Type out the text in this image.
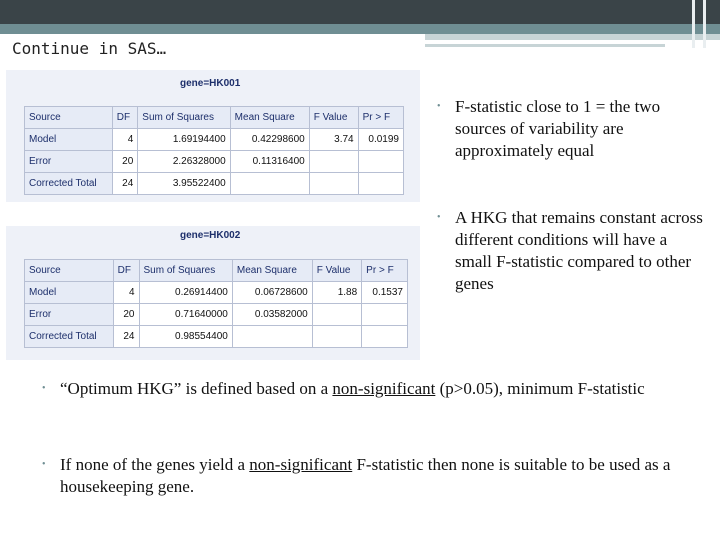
Continue in SAS…
gene=HK001
Source	DF	Sum of Squares	Mean Square	F Value	Pr > F
Model	4	1.69194400	0.42298600	3.74	0.0199
Error	20	2.26328000	0.11316400		
Corrected Total	24	3.95522400			
gene=HK002
Source	DF	Sum of Squares	Mean Square	F Value	Pr > F
Model	4	0.26914400	0.06728600	1.88	0.1537
Error	20	0.71640000	0.03582000		
Corrected Total	24	0.98554400			
• F-statistic close to 1 = the two sources of variability are approximately equal
• A HKG that remains constant across different conditions will have a small F-statistic compared to other genes
• “Optimum HKG” is defined based on a non-significant (p>0.05), minimum F-statistic
• If none of the genes yield a non-significant F-statistic then none is suitable to be used as a housekeeping gene.
